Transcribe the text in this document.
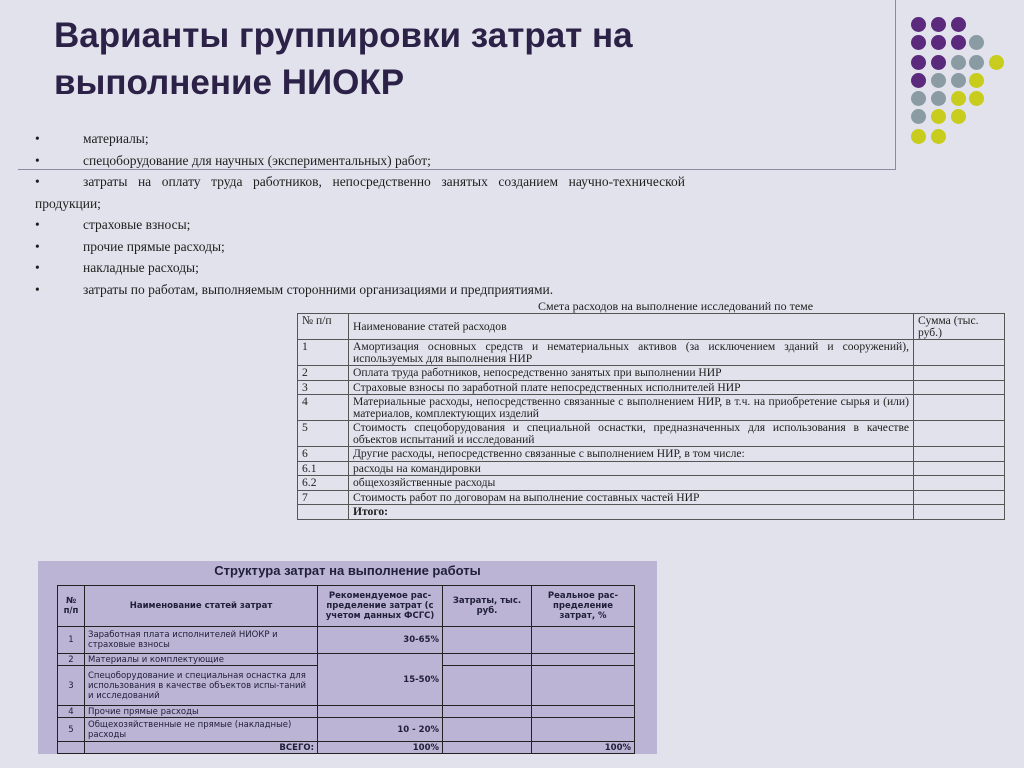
Варианты группировки затрат на
выполнение НИОКР
•	материалы;
•	спецоборудование для научных (экспериментальных) работ;
•	затраты на оплату труда работников, непосредственно занятых созданием научно-технической продукции;
•	страховые взносы;
•	прочие прямые расходы;
•	накладные расходы;
•	затраты по работам, выполняемым сторонними организациями и предприятиями.
Смета расходов на выполнение исследований по теме
№ п/п	Наименование статей расходов	Сумма (тыс. руб.)
1	Амортизация основных средств и нематериальных активов (за исключением зданий и сооружений), используемых для выполнения НИР	
2	Оплата труда работников, непосредственно занятых при выполнении НИР	
3	Страховые взносы по заработной плате непосредственных исполнителей НИР	
4	Материальные расходы, непосредственно связанные с выполнением НИР, в т.ч. на приобретение сырья и (или) материалов, комплектующих изделий	
5	Стоимость спецоборудования и специальной оснастки, предназначенных для использования в качестве объектов испытаний и исследований	
6	Другие расходы, непосредственно связанные с выполнением НИР, в том числе:	
6.1	расходы на командировки	
6.2	общехозяйственные расходы	
7	Стоимость работ по договорам на выполнение составных частей НИР	
	Итого:	
Структура затрат на выполнение работы
№ п/п	Наименование статей затрат	Рекомендуемое рас-пределение затрат (с учетом данных ФСГС)	Затраты, тыс. руб.	Реальное рас-пределение затрат, %
1	Заработная плата исполнителей НИОКР и страховые взносы	30-65%		
2	Материалы и комплектующие	15-50%		
3	Спецоборудование и специальная оснастка для использования в качестве объектов испы-таний и исследований			
4	Прочие прямые расходы			
5	Общехозяйственные не прямые (накладные) расходы	10 - 20%		
	ВСЕГО:	100%		100%
